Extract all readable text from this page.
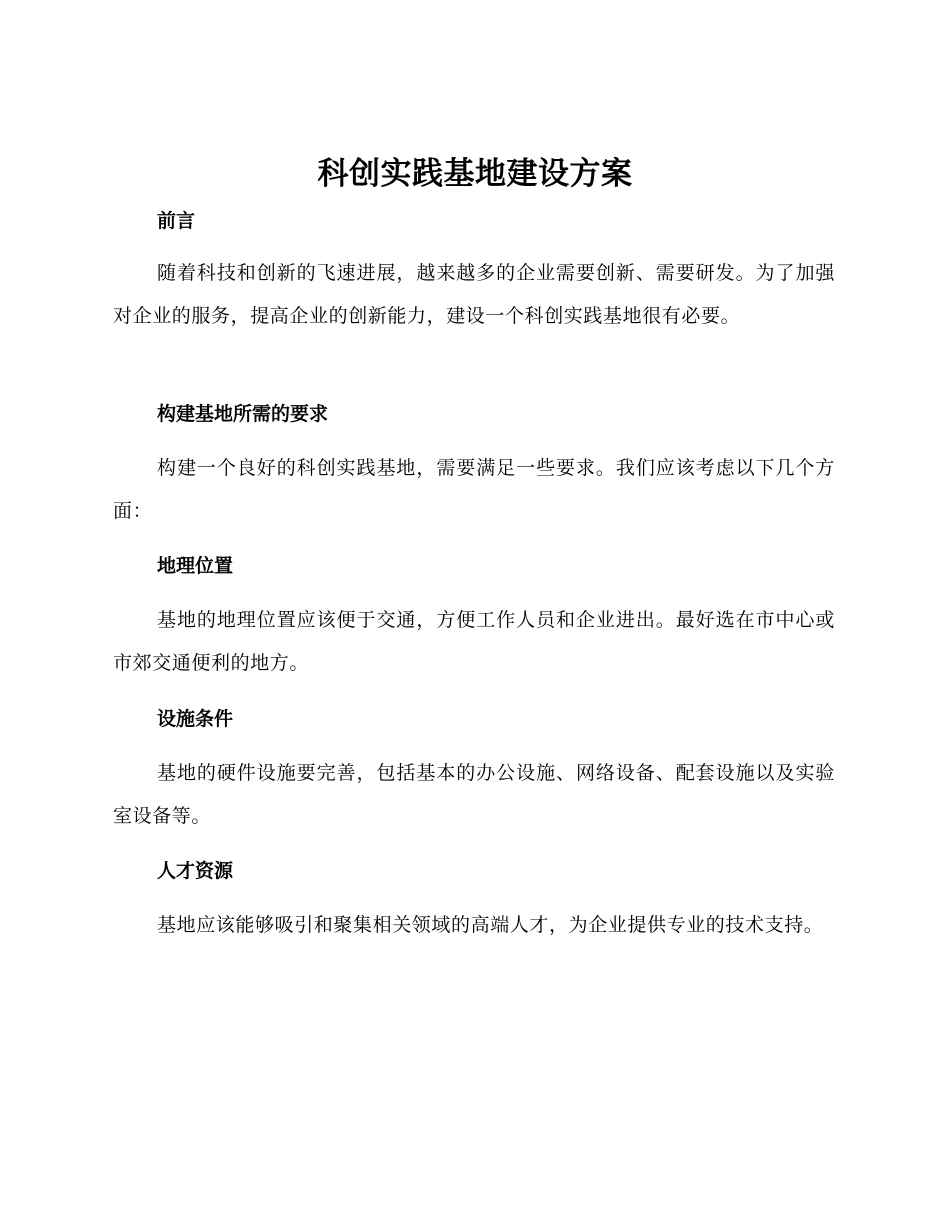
科创实践基地建设方案
前言

随着科技和创新的飞速进展，越来越多的企业需要创新、需要研发。为了加强对企业的服务，提高企业的创新能力，建设一个科创实践基地很有必要。

构建基地所需的要求

构建一个良好的科创实践基地，需要满足一些要求。我们应该考虑以下几个方面：

地理位置

基地的地理位置应该便于交通，方便工作人员和企业进出。最好选在市中心或市郊交通便利的地方。

设施条件

基地的硬件设施要完善，包括基本的办公设施、网络设备、配套设施以及实验室设备等。

人才资源

基地应该能够吸引和聚集相关领域的高端人才，为企业提供专业的技术支持。
